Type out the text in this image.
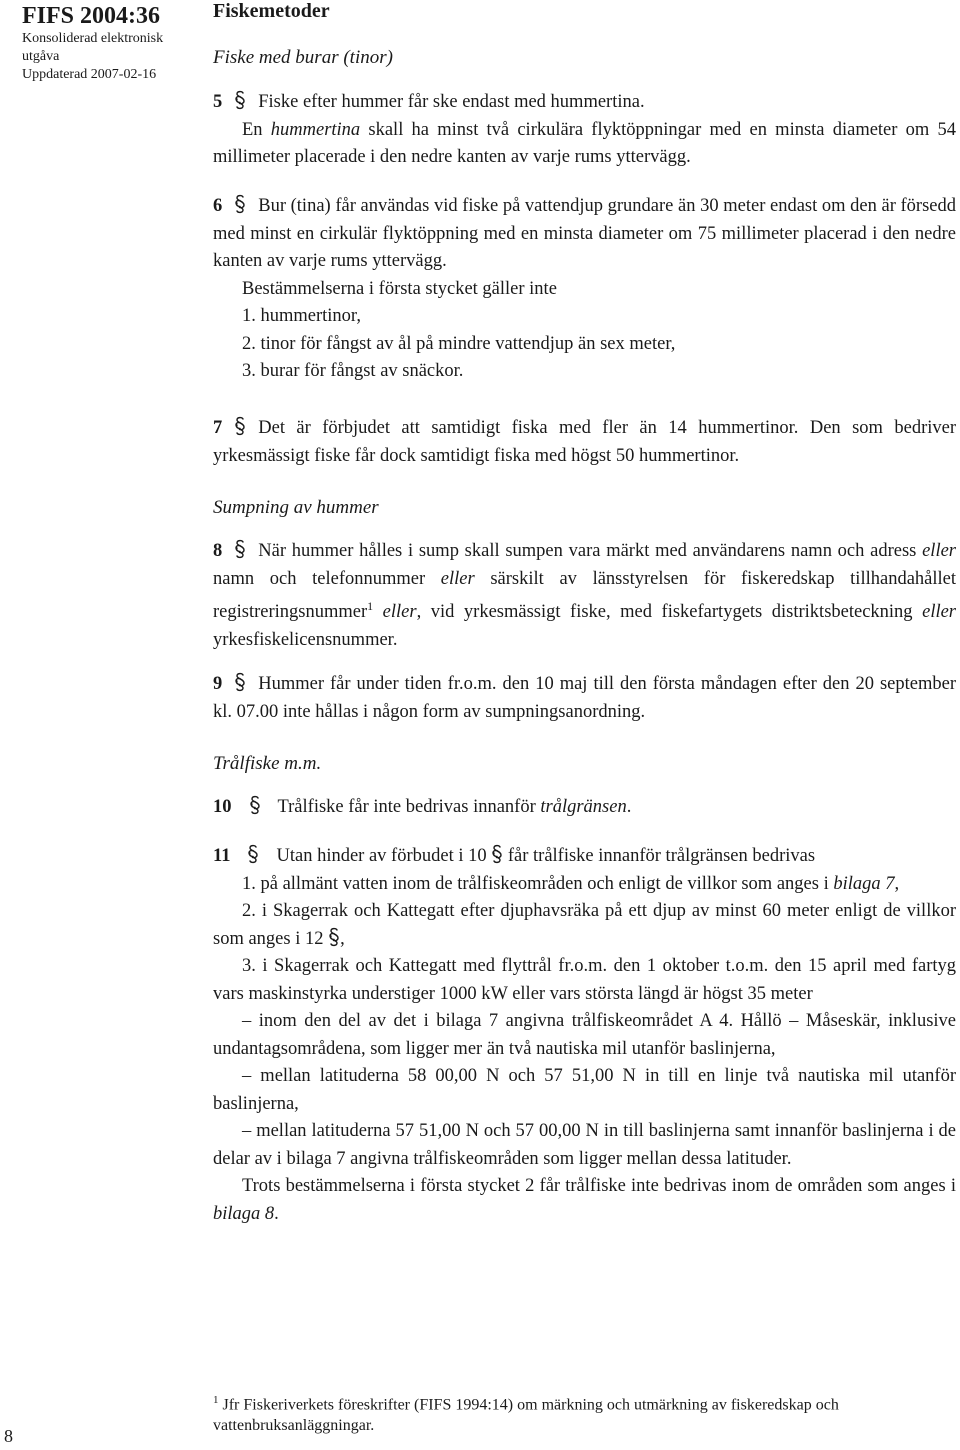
FIFS 2004:36
Konsoliderad elektronisk
utgåva
Uppdaterad 2007-02-16
8
Fiskemetoder
Fiske med burar (tinor)

5 Fiske efter hummer får ske endast med hummertina.

En hummertina skall ha minst två cirkulära flyktöppningar med en minsta diameter om 54 millimeter placerade i den nedre kanten av varje rums yttervägg.

6 Bur (tina) får användas vid fiske på vattendjup grundare än 30 meter endast om den är försedd med minst en cirkulär flyktöppning med en minsta diameter om 75 millimeter placerad i den nedre kanten av varje rums yttervägg.

Bestämmelserna i första stycket gäller inte

1. hummertinor,

2. tinor för fångst av ål på mindre vattendjup än sex meter,

3. burar för fångst av snäckor.

7 Det är förbjudet att samtidigt fiska med fler än 14 hummertinor. Den som bedriver yrkesmässigt fiske får dock samtidigt fiska med högst 50 hummertinor.

Sumpning av hummer

8 När hummer hålles i sump skall sumpen vara märkt med användarens namn och adress eller namn och telefonnummer eller särskilt av länsstyrelsen för fiskeredskap tillhandahållet registreringsnummer$^1$ eller, vid yrkesmässigt fiske, med fiskefartygets distriktsbeteckning eller yrkesfiskelicensnummer.

9 Hummer får under tiden fr.o.m. den 10 maj till den första måndagen efter den 20 september kl. 07.00 inte hållas i någon form av sumpningsanordning.

Trålfiske m.m.

10 Trålfiske får inte bedrivas innanför trålgränsen.

11 Utan hinder av förbudet i 10  får trålfiske innanför trålgränsen bedrivas

1. på allmänt vatten inom de trålfiskeområden och enligt de villkor som anges i bilaga 7,

2. i Skagerrak och Kattegatt efter djuphavsräka på ett djup av minst 60 meter enligt de villkor som anges i 12 ,

3. i Skagerrak och Kattegatt med flyttrål fr.o.m. den 1 oktober t.o.m. den 15 april med fartyg vars maskinstyrka understiger 1000 kW eller vars största längd är högst 35 meter

– inom den del av det i bilaga 7 angivna trålfiskeområdet A 4. Hållö – Måseskär, inklusive undantagsområdena, som ligger mer än två nautiska mil utanför baslinjerna,

– mellan latituderna 58 00,00 N och 57 51,00 N in till en linje två nautiska mil utanför baslinjerna,

– mellan latituderna 57 51,00 N och 57 00,00 N in till baslinjerna samt innanför baslinjerna i de delar av i bilaga 7 angivna trålfiskeområden som ligger mellan dessa latituder.

Trots bestämmelserna i första stycket 2 får trålfiske inte bedrivas inom de områden som anges i bilaga 8.

$^1$ Jfr Fiskeriverkets föreskrifter (FIFS 1994:14) om märkning och utmärkning av fiskeredskap och vattenbruksanläggningar.
